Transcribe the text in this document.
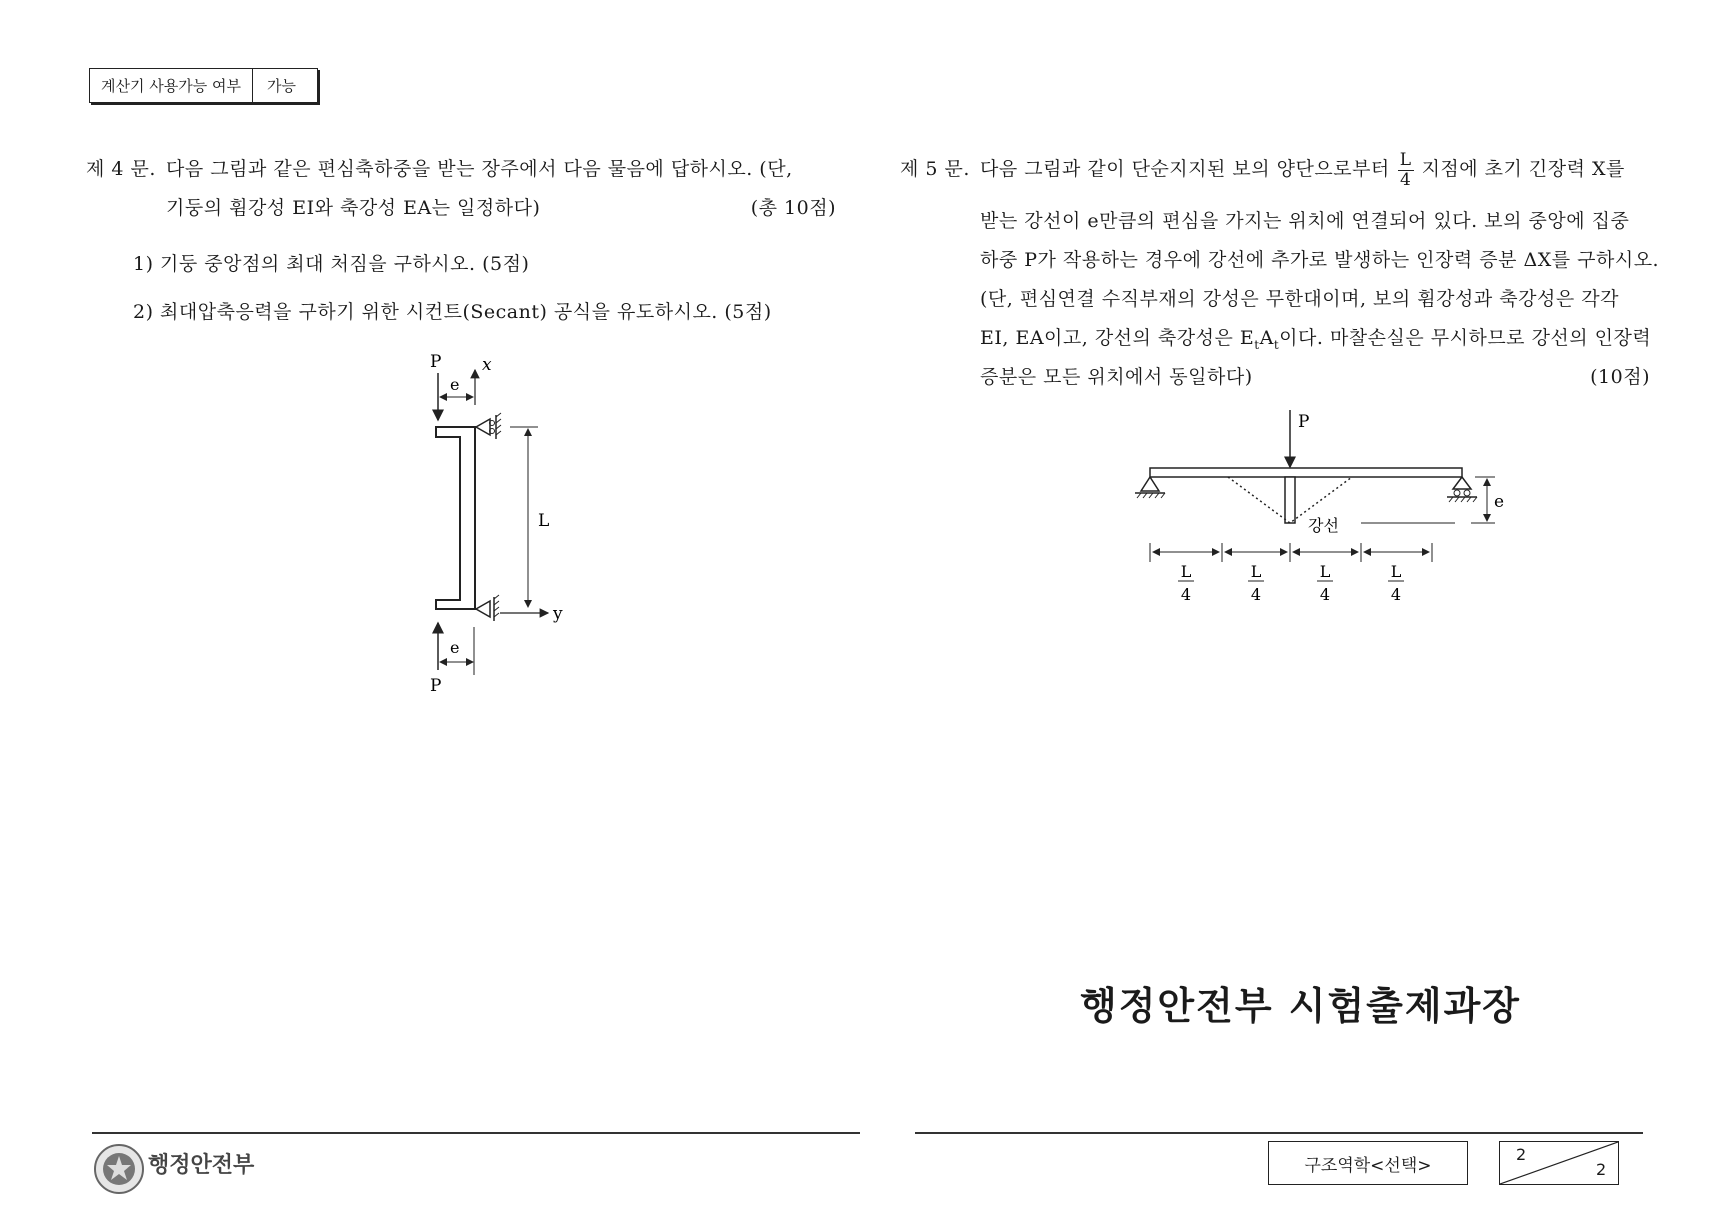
계산기 사용가능 여부	가능
제 4 문. 다음 그림과 같은 편심축하중을 받는 장주에서 다음 물음에 답하시오. (단,
기둥의 휨강성 EI와 축강성 EA는 일정하다)	(총 10점)
1) 기둥 중앙점의 최대 처짐을 구하시오. (5점)
2) 최대압축응력을 구하기 위한 시컨트(Secant) 공식을 유도하시오. (5점)
P x
e
L
y
P
e
제 5 문. 다음 그림과 같이 단순지지된 보의 양단으로부터 $\frac{L}{4}$ 지점에 초기 긴장력 X를
받는 강선이 e만큼의 편심을 가지는 위치에 연결되어 있다. 보의 중앙에 집중
하중 P가 작용하는 경우에 강선에 추가로 발생하는 인장력 증분 ΔX를 구하시오.
(단, 편심연결 수직부재의 강성은 무한대이며, 보의 휨강성과 축강성은 각각
EI, EA이고, 강선의 축강성은 $E_tA_t$이다. 마찰손실은 무시하므로 강선의 인장력
증분은 모든 위치에서 동일하다)	(10점)
P
강선
e
L
4
L
4
L
4
L
4
행정안전부 시험출제과장
행정안전부	구조역학<선택>
2
2
